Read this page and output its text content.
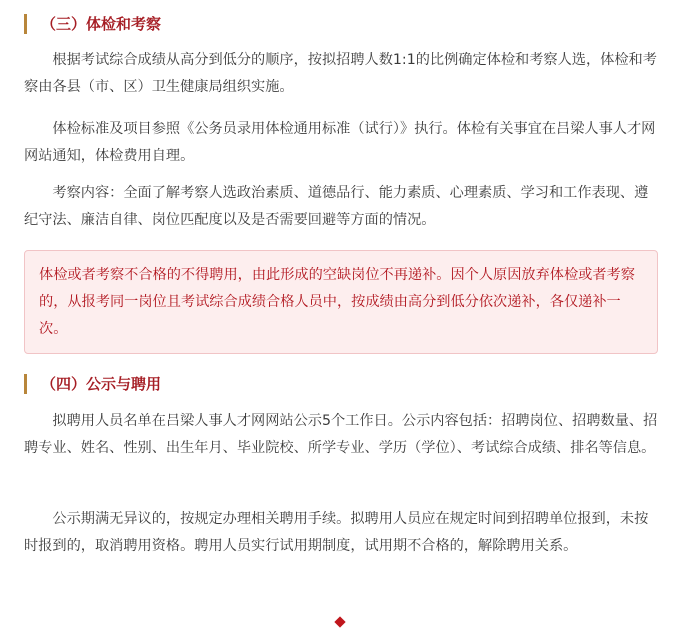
（三）体检和考察

根据考试综合成绩从高分到低分的顺序，按拟招聘人数1:1的比例确定体检和考察人选，体检和考察由各县（市、区）卫生健康局组织实施。

体检标准及项目参照《公务员录用体检通用标准（试行）》执行。体检有关事宜在吕梁人事人才网网站通知，体检费用自理。

考察内容：全面了解考察人选政治素质、道德品行、能力素质、心理素质、学习和工作表现、遵纪守法、廉洁自律、岗位匹配度以及是否需要回避等方面的情况。

体检或者考察不合格的不得聘用，由此形成的空缺岗位不再递补。因个人原因放弃体检或者考察的，从报考同一岗位且考试综合成绩合格人员中，按成绩由高分到低分依次递补，各仅递补一次。

（四）公示与聘用

拟聘用人员名单在吕梁人事人才网网站公示5个工作日。公示内容包括：招聘岗位、招聘数量、招聘专业、姓名、性别、出生年月、毕业院校、所学专业、学历（学位）、考试综合成绩、排名等信息。

公示期满无异议的，按规定办理相关聘用手续。拟聘用人员应在规定时间到招聘单位报到，未按时报到的，取消聘用资格。聘用人员实行试用期制度，试用期不合格的，解除聘用关系。
